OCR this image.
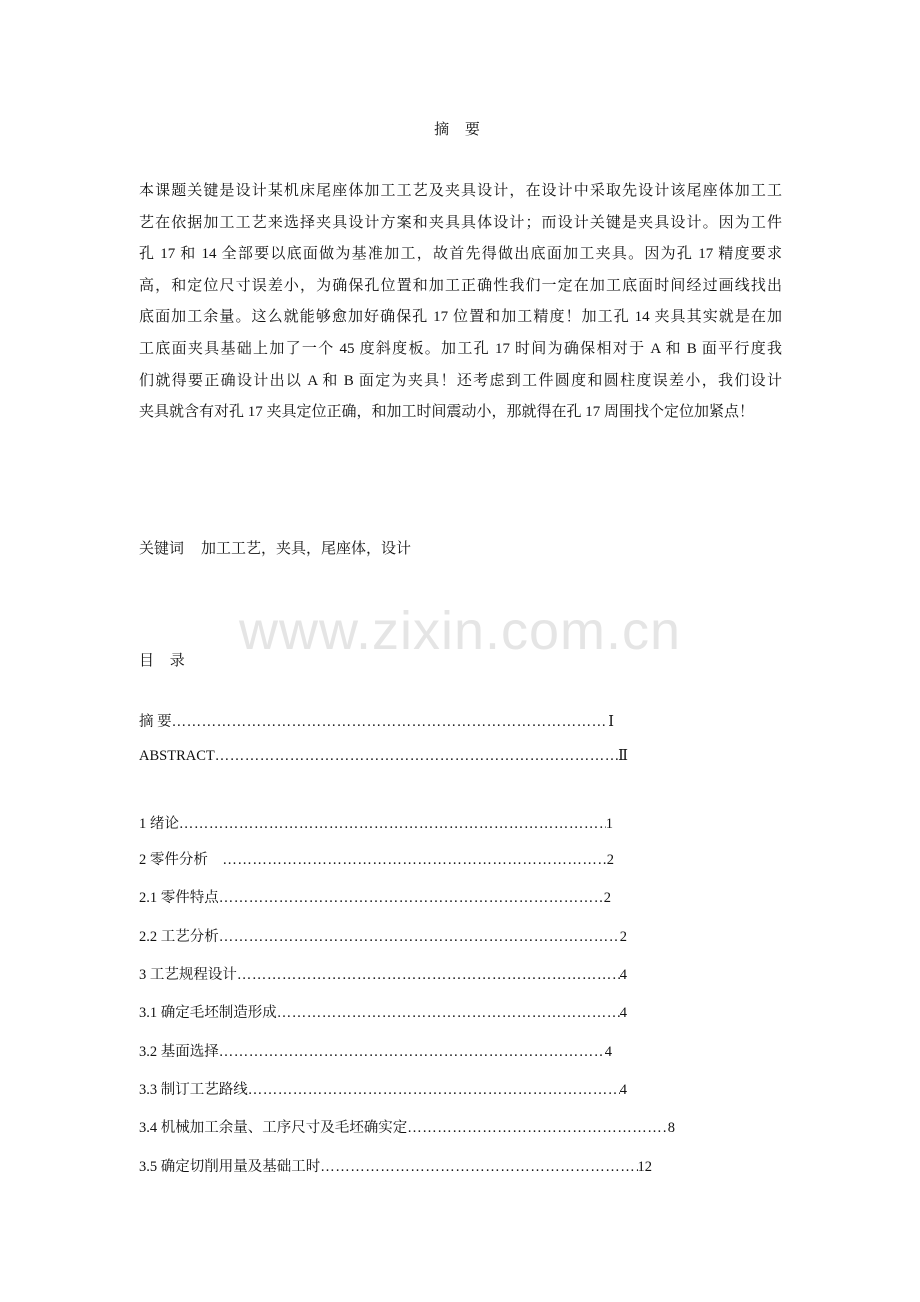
摘 要
本课题关键是设计某机床尾座体加工工艺及夹具设计，在设计中采取先设计该尾座体加工工
艺在依据加工工艺来选择夹具设计方案和夹具具体设计；而设计关键是夹具设计。因为工件
孔 17 和 14 全部要以底面做为基准加工，故首先得做出底面加工夹具。因为孔 17 精度要求
高，和定位尺寸误差小，为确保孔位置和加工正确性我们一定在加工底面时间经过画线找出
底面加工余量。这么就能够愈加好确保孔 17 位置和加工精度！加工孔 14 夹具其实就是在加
工底面夹具基础上加了一个 45 度斜度板。加工孔 17 时间为确保相对于 A 和 B 面平行度我
们就得要正确设计出以 A 和 B 面定为夹具！还考虑到工件圆度和圆柱度误差小，我们设计
夹具就含有对孔 17 夹具定位正确，和加工时间震动小，那就得在孔 17 周围找个定位加紧点！
关键词 加工工艺，夹具，尾座体，设计
www.zixin.com.cn
目 录
摘 要 ……………………………………………………………………………………………………………………………………………………	Ⅰ
ABSTRACT ……………………………………………………………………………………………………………………………………………………	Ⅱ
1 绪论 ……………………………………………………………………………………………………………………………………………………	1
2 零件分析 ……………………………………………………………………………………………………………………………………………………	2
2.1 零件特点 ……………………………………………………………………………………………………………………………………………………	2
2.2 工艺分析 ……………………………………………………………………………………………………………………………………………………	2
3 工艺规程设计 ……………………………………………………………………………………………………………………………………………………	4
3.1 确定毛坯制造形成 ……………………………………………………………………………………………………………………………………………………	4
3.2 基面选择 ……………………………………………………………………………………………………………………………………………………	4
3.3 制订工艺路线 ……………………………………………………………………………………………………………………………………………………	4
3.4 机械加工余量、工序尺寸及毛坯确实定 ……………………………………………………………………………………………………………………………………………………	8
3.5 确定切削用量及基础工时 ……………………………………………………………………………………………………………………………………………………	12
